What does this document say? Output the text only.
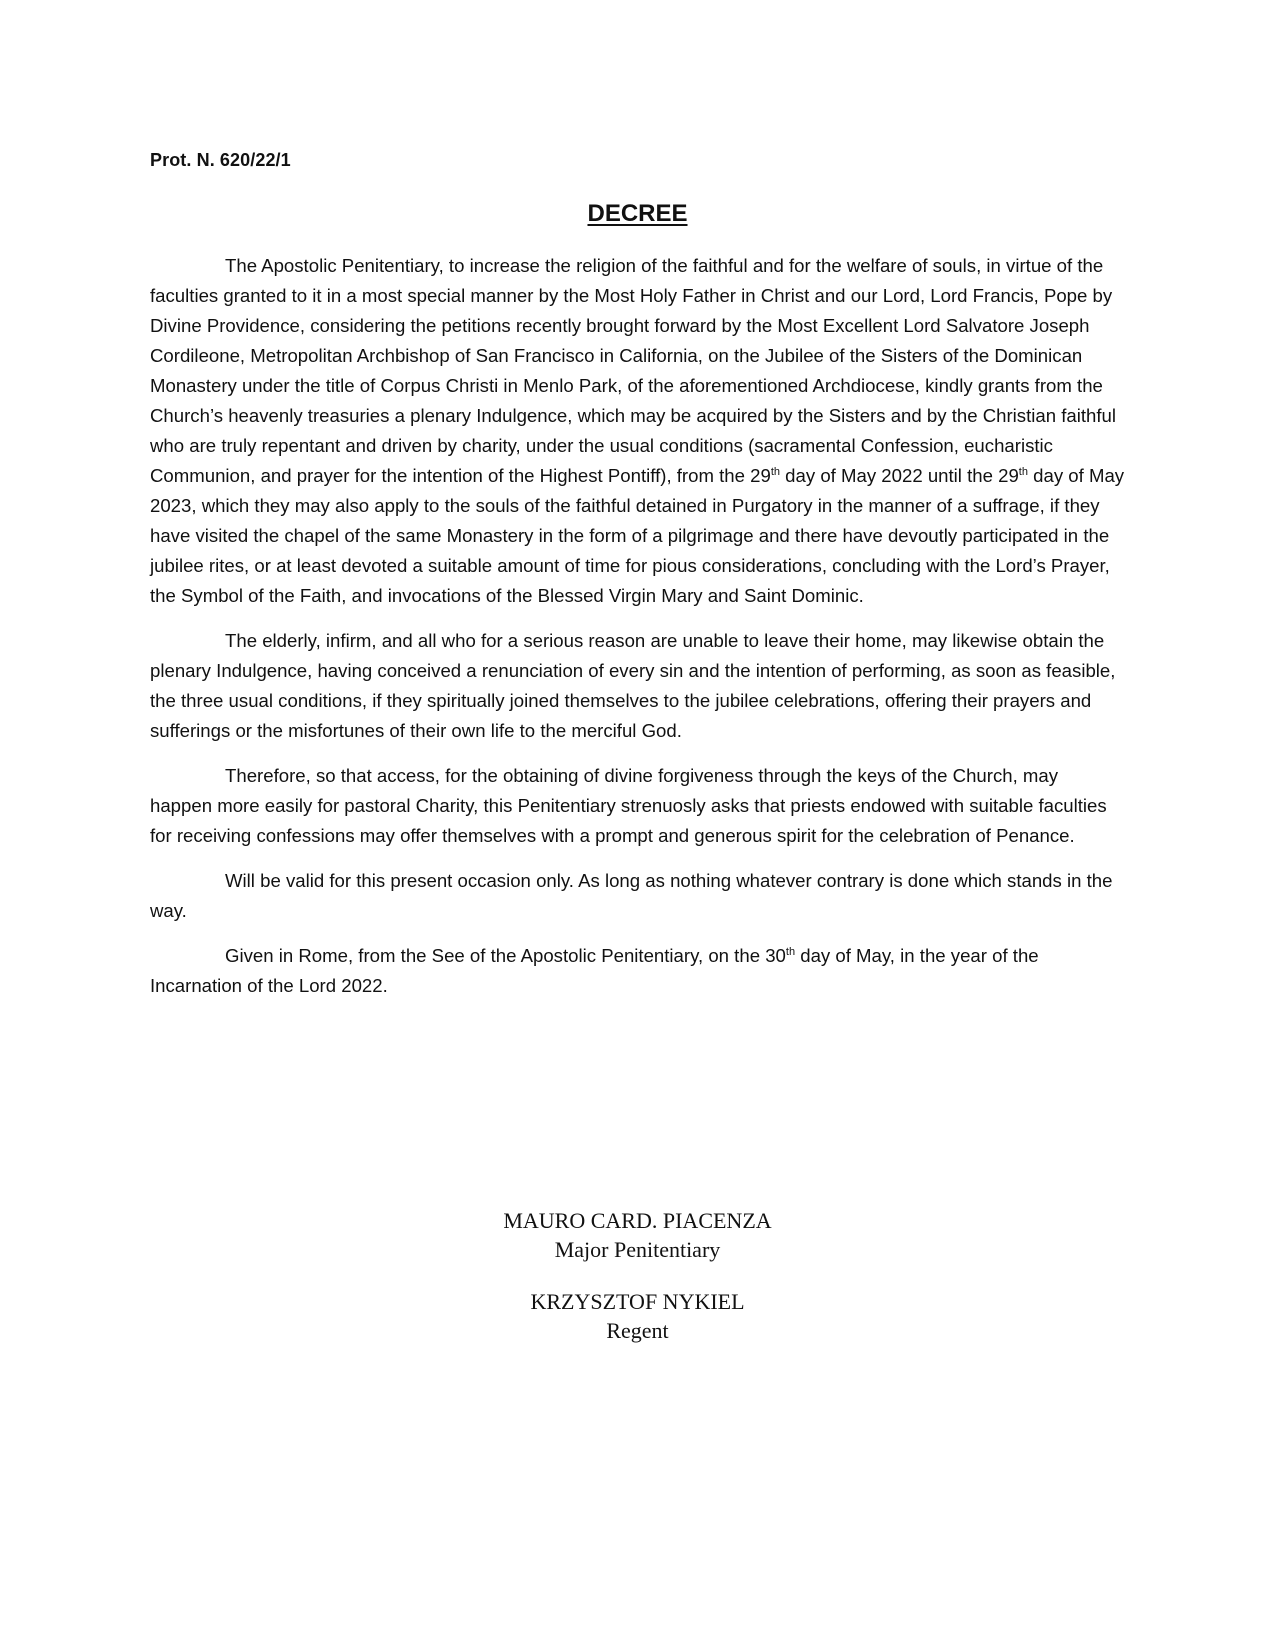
Prot. N. 620/22/1
DECREE

The Apostolic Penitentiary, to increase the religion of the faithful and for the welfare of souls, in virtue of the faculties granted to it in a most special manner by the Most Holy Father in Christ and our Lord, Lord Francis, Pope by Divine Providence, considering the petitions recently brought forward by the Most Excellent Lord Salvatore Joseph Cordileone, Metropolitan Archbishop of San Francisco in California, on the Jubilee of the Sisters of the Dominican Monastery under the title of Corpus Christi in Menlo Park, of the aforementioned Archdiocese, kindly grants from the Church’s heavenly treasuries a plenary Indulgence, which may be acquired by the Sisters and by the Christian faithful who are truly repentant and driven by charity, under the usual conditions (sacramental Confession, eucharistic Communion, and prayer for the intention of the Highest Pontiff), from the 29th day of May 2022 until the 29th day of May 2023, which they may also apply to the souls of the faithful detained in Purgatory in the manner of a suffrage, if they have visited the chapel of the same Monastery in the form of a pilgrimage and there have devoutly participated in the jubilee rites, or at least devoted a suitable amount of time for pious considerations, concluding with the Lord’s Prayer, the Symbol of the Faith, and invocations of the Blessed Virgin Mary and Saint Dominic.

The elderly, infirm, and all who for a serious reason are unable to leave their home, may likewise obtain the plenary Indulgence, having conceived a renunciation of every sin and the intention of performing, as soon as feasible, the three usual conditions, if they spiritually joined themselves to the jubilee celebrations, offering their prayers and sufferings or the misfortunes of their own life to the merciful God.

Therefore, so that access, for the obtaining of divine forgiveness through the keys of the Church, may happen more easily for pastoral Charity, this Penitentiary strenuosly asks that priests endowed with suitable faculties for receiving confessions may offer themselves with a prompt and generous spirit for the celebration of Penance.

Will be valid for this present occasion only. As long as nothing whatever contrary is done which stands in the way.

Given in Rome, from the See of the Apostolic Penitentiary, on the 30th day of May, in the year of the Incarnation of the Lord 2022.

MAURO CARD. PIACENZA
Major Penitentiary
KRZYSZTOF NYKIEL
Regent
